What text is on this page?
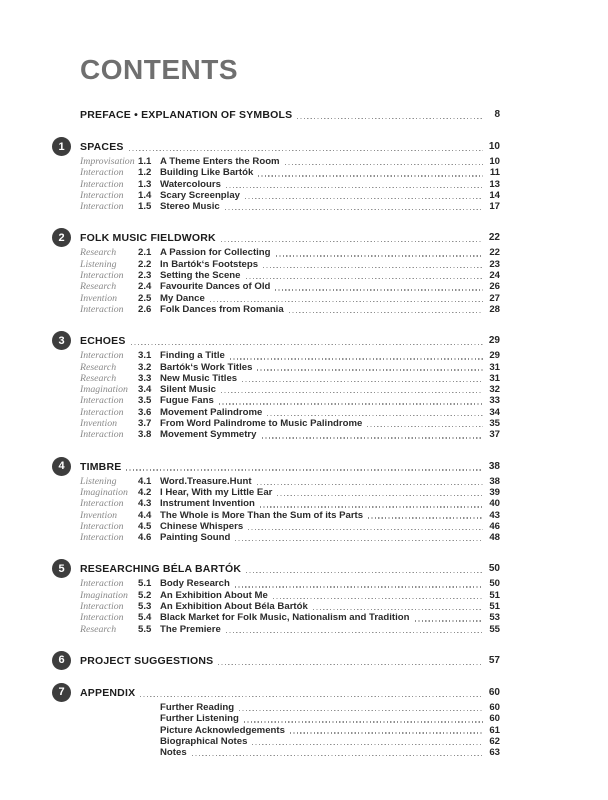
CONTENTS
PREFACE • EXPLANATION OF SYMBOLS	8
1 SPACES	10
Improvisation 1.1 A Theme Enters the Room	10
Interaction	1.2 Building Like Bartók	11
Interaction	1.3 Watercolours	13
Interaction	1.4 Scary Screenplay	14
Interaction	1.5 Stereo Music	17
2 FOLK MUSIC FIELDWORK	22
Research	2.1 A Passion for Collecting	22
Listening	2.2 In Bartók‘s Footsteps	23
Interaction	2.3 Setting the Scene	24
Research	2.4 Favourite Dances of Old	26
Invention	2.5 My Dance	27
Interaction	2.6 Folk Dances from Romania	28
3 ECHOES	29
Interaction	3.1 Finding a Title	29
Research	3.2 Bartók‘s Work Titles	31
Research	3.3 New Music Titles	31
Imagination	3.4 Silent Music	32
Interaction	3.5 Fugue Fans	33
Interaction	3.6 Movement Palindrome	34
Invention	3.7 From Word Palindrome to Music Palindrome	35
Interaction	3.8 Movement Symmetry	37
4 TIMBRE	38
Listening	4.1 Word.Treasure.Hunt	38
Imagination	4.2 I Hear, With my Little Ear	39
Interaction	4.3 Instrument Invention	40
Invention	4.4 The Whole is More Than the Sum of its Parts	43
Interaction	4.5 Chinese Whispers	46
Interaction	4.6 Painting Sound	48
5 RESEARCHING BÉLA BARTÓK	50
Interaction	5.1 Body Research	50
Imagination	5.2 An Exhibition About Me	51
Interaction	5.3 An Exhibition About Béla Bartók	51
Interaction	5.4 Black Market for Folk Music, Nationalism and Tradition	53
Research	5.5 The Premiere	55
6 PROJECT SUGGESTIONS	57
7 APPENDIX	60
Further Reading	60
Further Listening	60
Picture Acknowledgements	61
Biographical Notes	62
Notes	63
